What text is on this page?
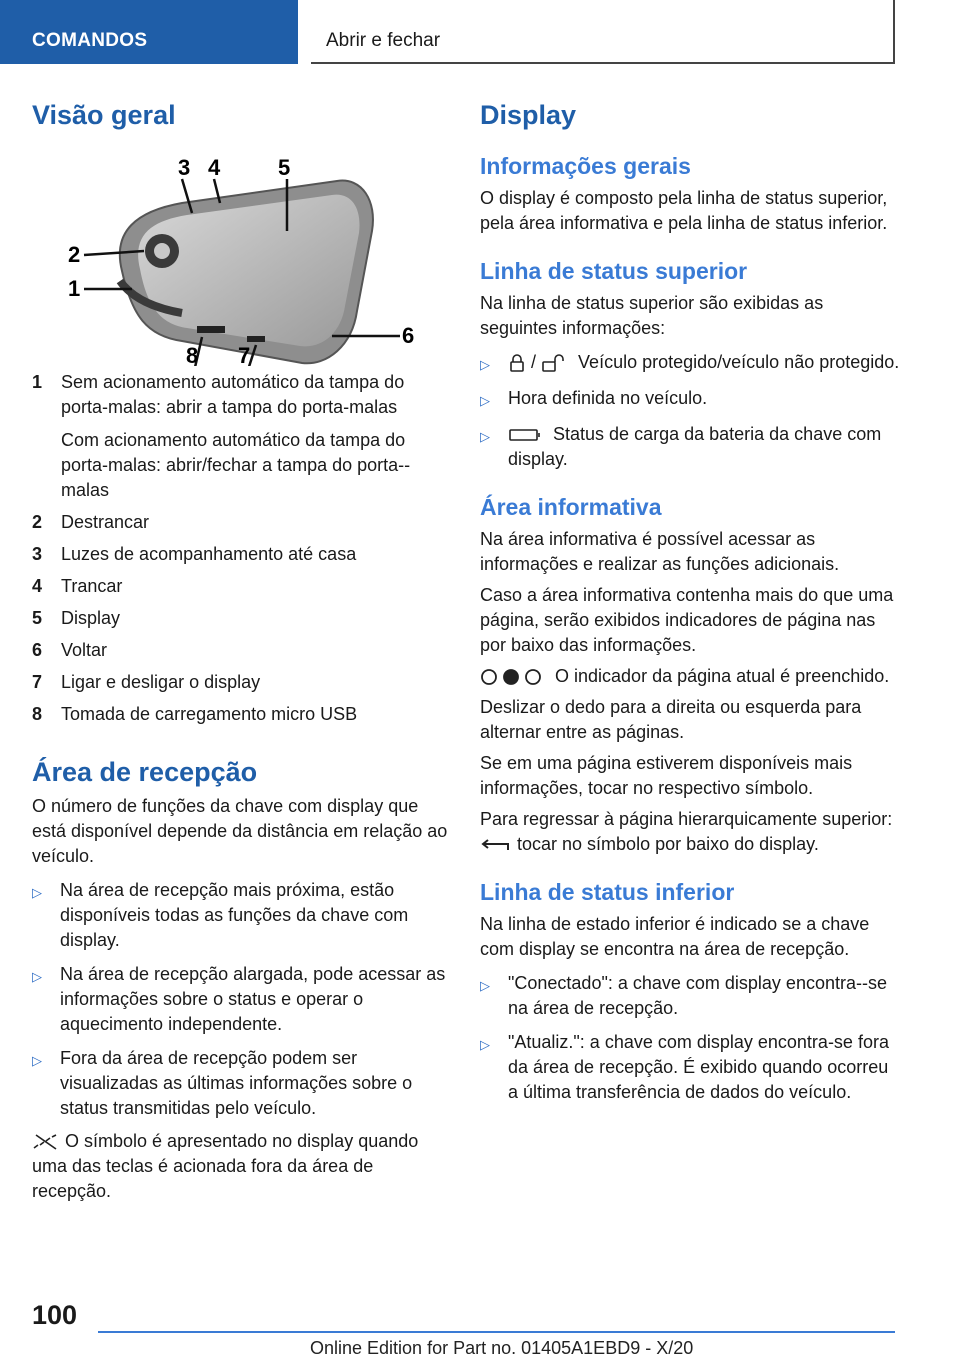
COMANDOS	Abrir e fechar
Visão geral
1
2
3 4	5
6
7
8
1	Sem acionamento automático da tampa do porta-malas: abrir a tampa do porta-malas
Com acionamento automático da tampa do porta-malas: abrir/fechar a tampa do porta-‐malas
2	Destrancar
3	Luzes de acompanhamento até casa
4	Trancar
5	Display
6	Voltar
7	Ligar e desligar o display
8	Tomada de carregamento micro USB
Área de recepção

O número de funções da chave com display que está disponível depende da distância em relação ao veículo.

▷	Na área de recepção mais próxima, estão disponíveis todas as funções da chave com display.
▷	Na área de recepção alargada, pode acessar as informações sobre o status e operar o aquecimento independente.
▷	Fora da área de recepção podem ser visualizadas as últimas informações sobre o status transmitidas pelo veículo.

O símbolo é apresentado no display quando uma das teclas é acionada fora da área de recepção.

Display
Informações gerais

O display é composto pela linha de status superior, pela área informativa e pela linha de status inferior.

Linha de status superior

Na linha de status superior são exibidas as seguintes informações:

▷	/  Veículo protegido/veículo não protegido.
▷	Hora definida no veículo.
▷	Status de carga da bateria da chave com display.
Área informativa

Na área informativa é possível acessar as informações e realizar as funções adicionais.

Caso a área informativa contenha mais do que uma página, serão exibidos indicadores de página nas por baixo das informações.

O indicador da página atual é preenchido.

Deslizar o dedo para a direita ou esquerda para alternar entre as páginas.

Se em uma página estiverem disponíveis mais informações, tocar no respectivo símbolo.

Para regressar à página hierarquicamente superior:  tocar no símbolo por baixo do display.

Linha de status inferior

Na linha de estado inferior é indicado se a chave com display se encontra na área de recepção.

▷	"Conectado": a chave com display encontra-‐se na área de recepção.
▷	"Atualiz.": a chave com display encontra-se fora da área de recepção. É exibido quando ocorreu a última transferência de dados do veículo.
100
Online Edition for Part no. 01405A1EBD9 - X/20
